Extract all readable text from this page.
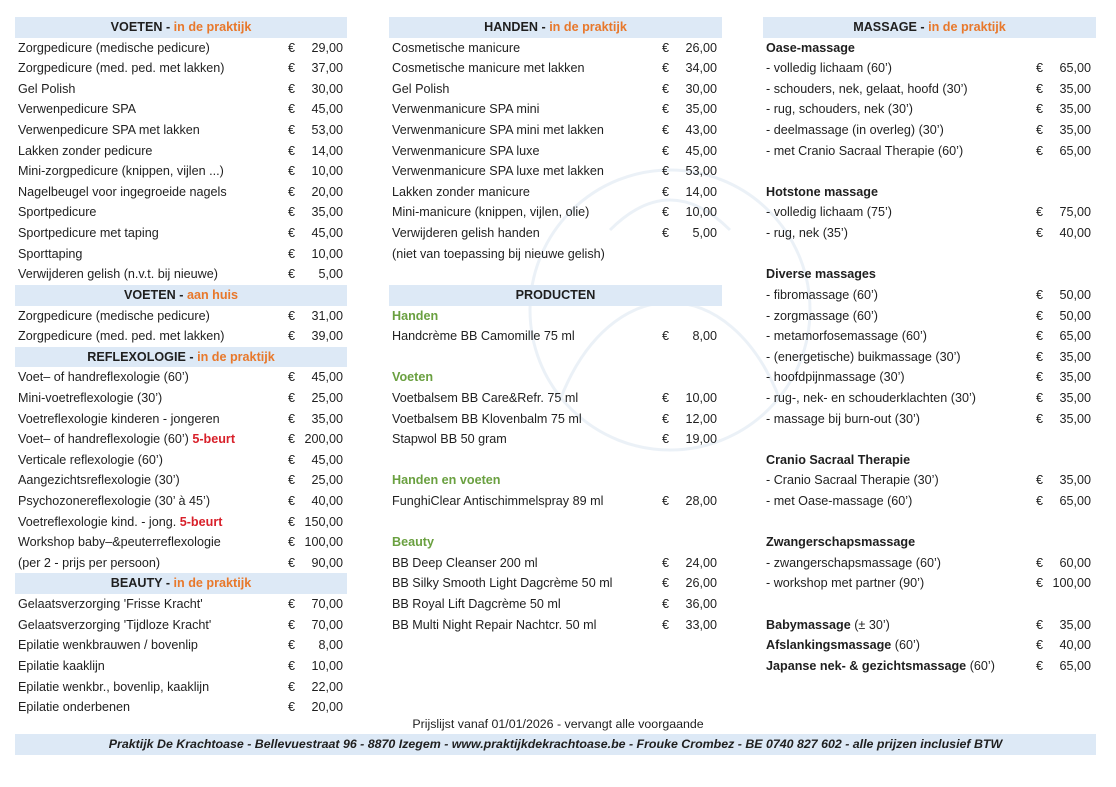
VOETEN - in de praktijk
Zorgpedicure (medische pedicure)	€ 29,00
Zorgpedicure (med. ped. met lakken)	€ 37,00
Gel Polish	€ 30,00
Verwenpedicure SPA	€ 45,00
Verwenpedicure SPA met lakken	€ 53,00
Lakken zonder pedicure	€ 14,00
Mini-zorgpedicure (knippen, vijlen ...)	€ 10,00
Nagelbeugel voor ingegroeide nagels	€ 20,00
Sportpedicure	€ 35,00
Sportpedicure met taping	€ 45,00
Sporttaping	€ 10,00
Verwijderen gelish (n.v.t. bij nieuwe)	€ 5,00
VOETEN - aan huis
Zorgpedicure (medische pedicure)	€ 31,00
Zorgpedicure (med. ped. met lakken)	€ 39,00
REFLEXOLOGIE - in de praktijk
Voet– of handreflexologie (60’)	€ 45,00
Mini-voetreflexologie (30’)	€ 25,00
Voetreflexologie kinderen - jongeren	€ 35,00
Voet– of handreflexologie (60’) 5-beurt	€ 200,00
Verticale reflexologie (60’)	€ 45,00
Aangezichtsreflexologie (30’)	€ 25,00
Psychozonereflexologie (30’ à 45’)	€ 40,00
Voetreflexologie kind. - jong. 5-beurt	€ 150,00
Workshop baby–&peuterreflexologie	€ 100,00
(per 2 - prijs per persoon)	€ 90,00
BEAUTY - in de praktijk
Gelaatsverzorging 'Frisse Kracht'	€ 70,00
Gelaatsverzorging 'Tijdloze Kracht'	€ 70,00
Epilatie wenkbrauwen / bovenlip	€ 8,00
Epilatie kaaklijn	€ 10,00
Epilatie wenkbr., bovenlip, kaaklijn	€ 22,00
Epilatie onderbenen	€ 20,00
HANDEN - in de praktijk
Cosmetische manicure	€ 26,00
Cosmetische manicure met lakken	€ 34,00
Gel Polish	€ 30,00
Verwenmanicure SPA mini	€ 35,00
Verwenmanicure SPA mini met lakken	€ 43,00
Verwenmanicure SPA luxe	€ 45,00
Verwenmanicure SPA luxe met lakken	€ 53,00
Lakken zonder manicure	€ 14,00
Mini-manicure (knippen, vijlen, olie)	€ 10,00
Verwijderen gelish handen	€ 5,00
(niet van toepassing bij nieuwe gelish)
PRODUCTEN
Handen
Handcrème BB Camomille 75 ml	€ 8,00
Voeten
Voetbalsem BB Care&Refr. 75 ml	€ 10,00
Voetbalsem BB Klovenbalm 75 ml	€ 12,00
Stapwol BB 50 gram	€ 19,00
Handen en voeten
FunghiClear Antischimmelspray 89 ml	€ 28,00
Beauty
BB Deep Cleanser 200 ml	€ 24,00
BB Silky Smooth Light Dagcrème 50 ml	€ 26,00
BB Royal Lift Dagcrème 50 ml	€ 36,00
BB Multi Night Repair Nachtcr. 50 ml	€ 33,00
MASSAGE - in de praktijk
Oase-massage
- volledig lichaam (60’)	€ 65,00
- schouders, nek, gelaat, hoofd (30’)	€ 35,00
- rug, schouders, nek (30’)	€ 35,00
- deelmassage (in overleg) (30’)	€ 35,00
- met Cranio Sacraal Therapie (60’)	€ 65,00
Hotstone massage
- volledig lichaam (75’)	€ 75,00
- rug, nek (35’)	€ 40,00
Diverse massages
- fibromassage (60’)	€ 50,00
- zorgmassage (60’)	€ 50,00
- metamorfosemassage (60’)	€ 65,00
- (energetische) buikmassage (30’)	€ 35,00
- hoofdpijnmassage (30’)	€ 35,00
- rug-, nek- en schouderklachten (30’)	€ 35,00
- massage bij burn-out (30’)	€ 35,00
Cranio Sacraal Therapie
- Cranio Sacraal Therapie (30’)	€ 35,00
- met Oase-massage (60’)	€ 65,00
Zwangerschapsmassage
- zwangerschapsmassage (60’)	€ 60,00
- workshop met partner (90’)	€ 100,00
Babymassage (± 30’)	€ 35,00
Afslankingsmassage (60’)	€ 40,00
Japanse nek- & gezichtsmassage (60’)	€ 65,00
Prijslijst vanaf 01/01/2026 - vervangt alle voorgaande
Praktijk De Krachtoase - Bellevuestraat 96 - 8870 Izegem - www.praktijkdekrachtoase.be - Frouke Crombez - BE 0740 827 602 - alle prijzen inclusief BTW
